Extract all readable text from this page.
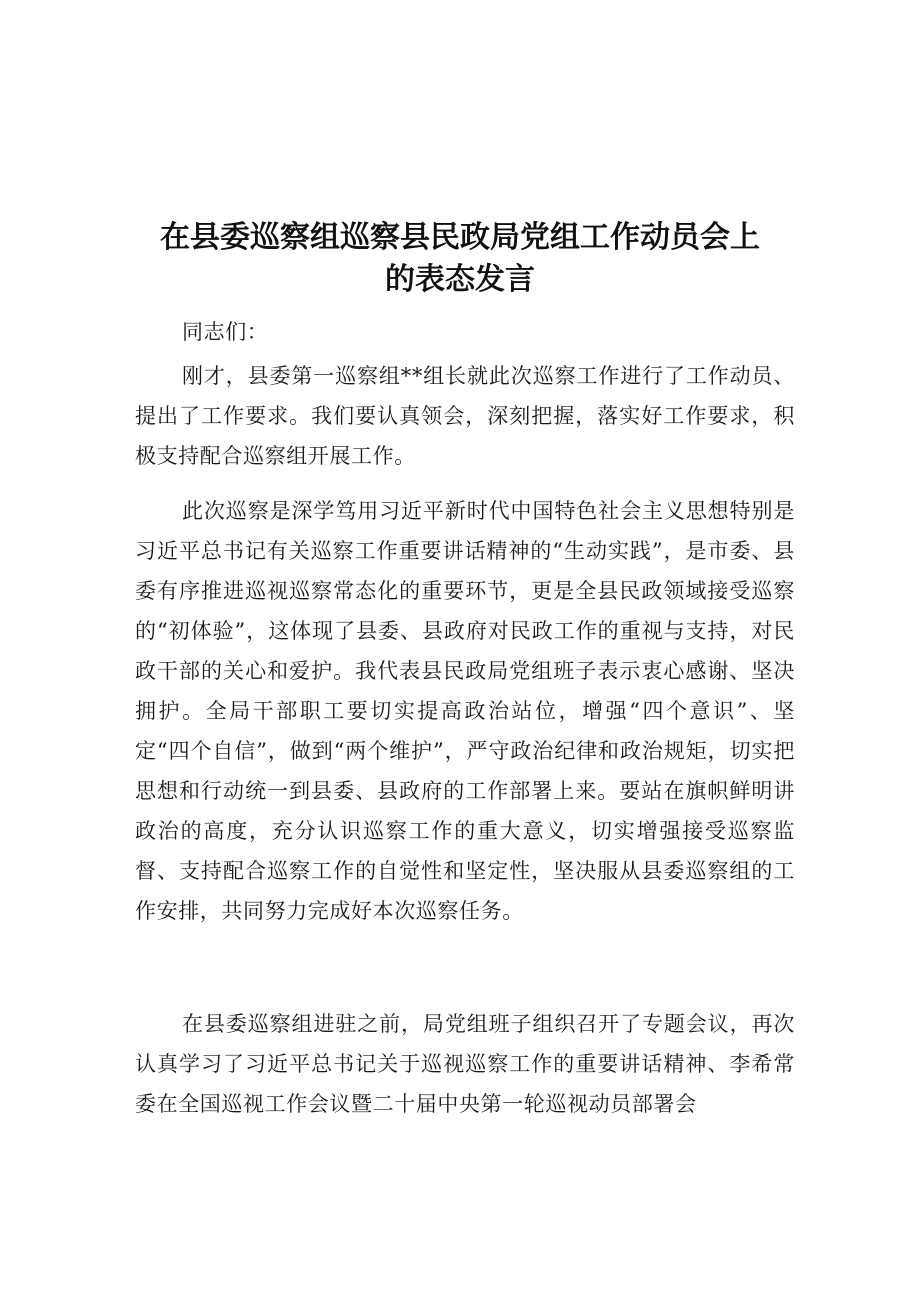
在县委巡察组巡察县民政局党组工作动员会上
的表态发言

同志们：

刚才，县委第一巡察组**组长就此次巡察工作进行了工作动员、提出了工作要求。我们要认真领会，深刻把握，落实好工作要求，积极支持配合巡察组开展工作。

此次巡察是深学笃用习近平新时代中国特色社会主义思想特别是习近平总书记有关巡察工作重要讲话精神的“生动实践”，是市委、县委有序推进巡视巡察常态化的重要环节，更是全县民政领域接受巡察的“初体验”，这体现了县委、县政府对民政工作的重视与支持，对民政干部的关心和爱护。我代表县民政局党组班子表示衷心感谢、坚决拥护。全局干部职工要切实提高政治站位，增强“四个意识”、坚定“四个自信”，做到“两个维护”，严守政治纪律和政治规矩，切实把思想和行动统一到县委、县政府的工作部署上来。要站在旗帜鲜明讲政治的高度，充分认识巡察工作的重大意义，切实增强接受巡察监督、支持配合巡察工作的自觉性和坚定性，坚决服从县委巡察组的工作安排，共同努力完成好本次巡察任务。

在县委巡察组进驻之前，局党组班子组织召开了专题会议，再次认真学习了习近平总书记关于巡视巡察工作的重要讲话精神、李希常委在全国巡视工作会议暨二十届中央第一轮巡视动员部署会
